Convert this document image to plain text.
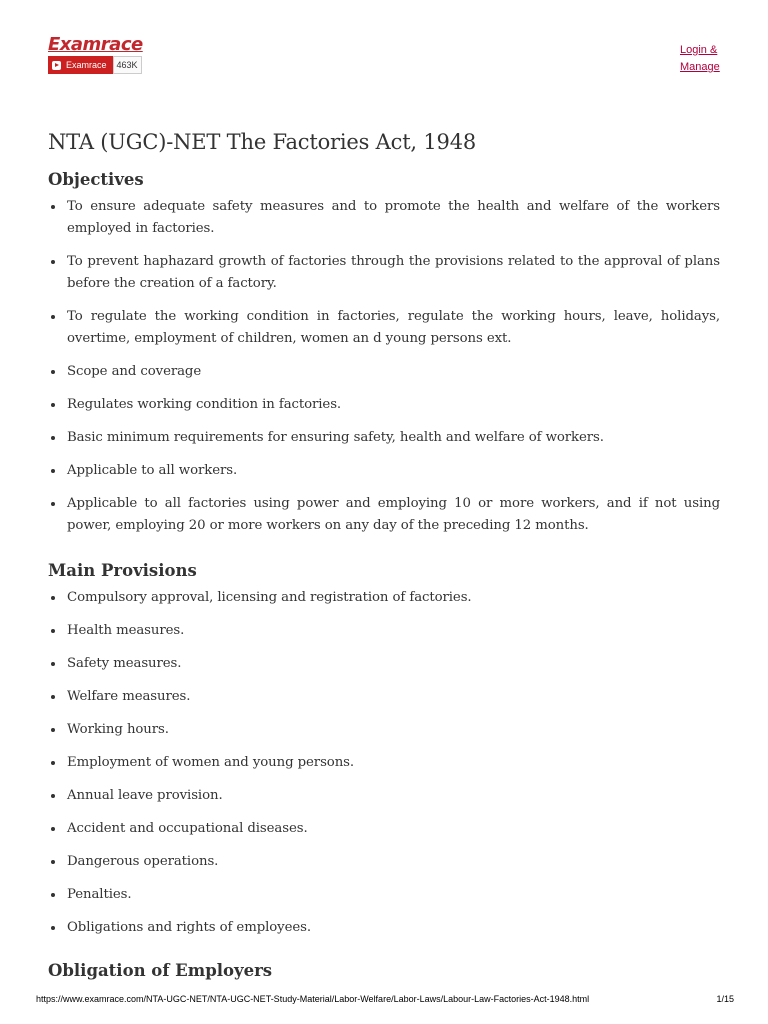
Examrace
Examrace	463K
Login & Manage
NTA (UGC)-NET The Factories Act, 1948
Objectives
To ensure adequate safety measures and to promote the health and welfare of the workers employed in factories.
To prevent haphazard growth of factories through the provisions related to the approval of plans before the creation of a factory.
To regulate the working condition in factories, regulate the working hours, leave, holidays, overtime, employment of children, women an d young persons ext.
Scope and coverage
Regulates working condition in factories.
Basic minimum requirements for ensuring safety, health and welfare of workers.
Applicable to all workers.
Applicable to all factories using power and employing 10 or more workers, and if not using power, employing 20 or more workers on any day of the preceding 12 months.
Main Provisions
Compulsory approval, licensing and registration of factories.
Health measures.
Safety measures.
Welfare measures.
Working hours.
Employment of women and young persons.
Annual leave provision.
Accident and occupational diseases.
Dangerous operations.
Penalties.
Obligations and rights of employees.
Obligation of Employers
https://www.examrace.com/NTA-UGC-NET/NTA-UGC-NET-Study-Material/Labor-Welfare/Labor-Laws/Labour-Law-Factories-Act-1948.html	1/15
